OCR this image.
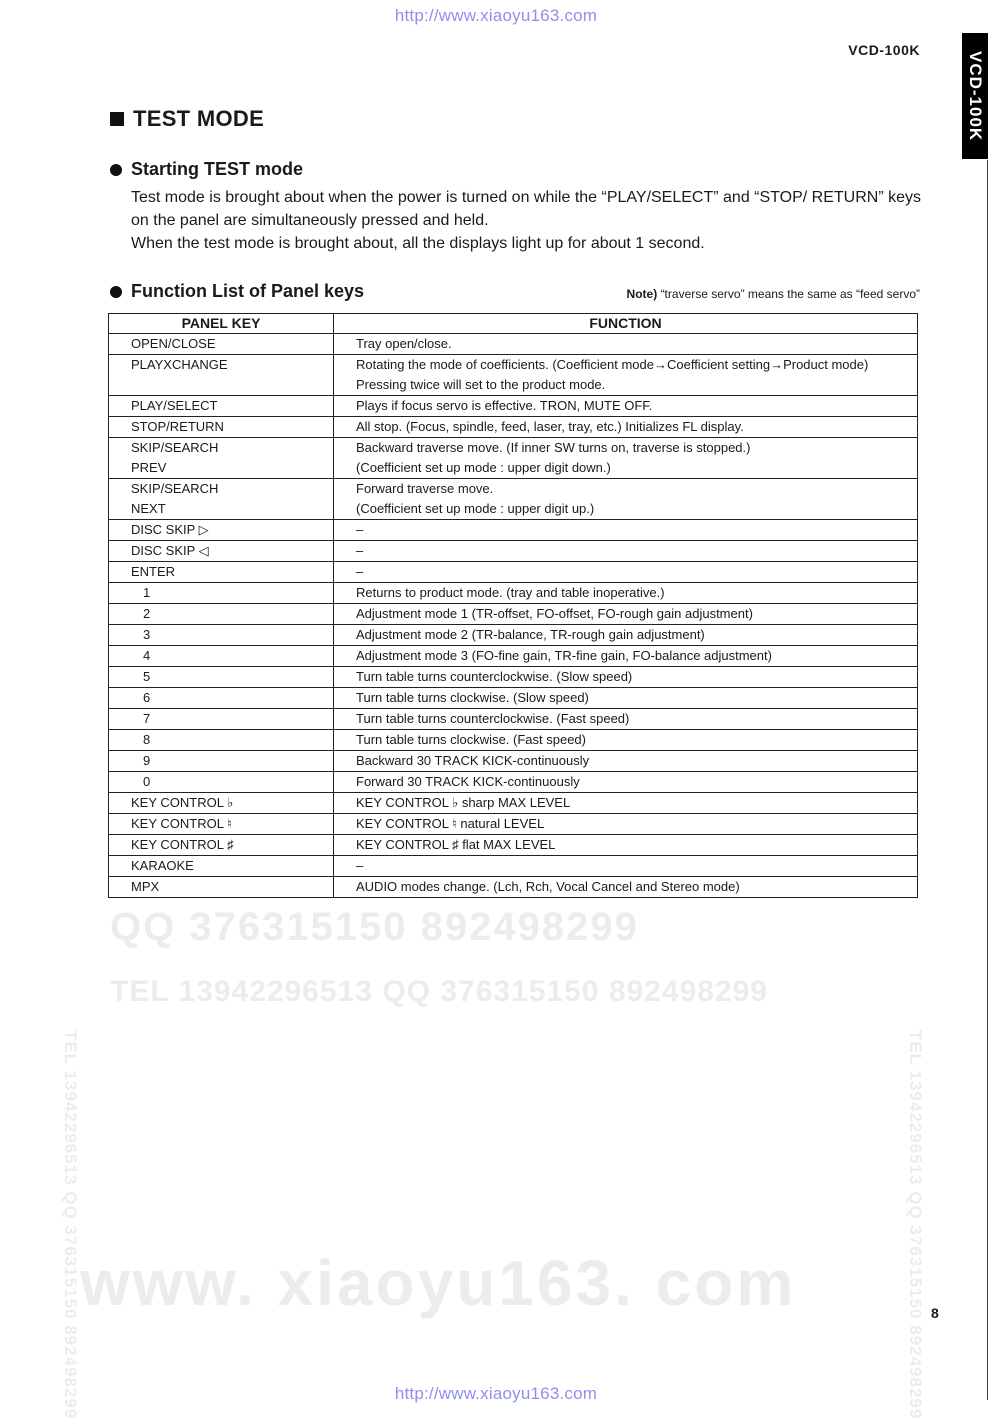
http://www.xiaoyu163.com
VCD-100K
VCD-100K
QQ 376315150 892498299
TEL 13942296513 QQ 376315150 892498299
www. xiaoyu163. com
TEL 13942296513 QQ 376315150 892498299	TEL 13942296513 QQ 376315150 892498299
TEST MODE
Starting TEST mode
Test mode is brought about when the power is turned on while the “PLAY/SELECT” and “STOP/ RETURN” keys on the panel are simultaneously pressed and held.
When the test mode is brought about, all the displays light up for about 1 second.
Function List of Panel keys	Note) “traverse servo” means the same as “feed servo”
PANEL KEY	FUNCTION

OPEN/CLOSE	Tray open/close.

PLAYXCHANGE	Rotating the mode of coefficients. (Coefficient mode→Coefficient setting→Product mode)
Pressing twice will set to the product mode.

PLAY/SELECT	Plays if focus servo is effective. TRON, MUTE OFF.

STOP/RETURN	All stop. (Focus, spindle, feed, laser, tray, etc.) Initializes FL display.

SKIP/SEARCH
PREV	Backward traverse move. (If inner SW turns on, traverse is stopped.)
(Coefficient set up mode : upper digit down.)

SKIP/SEARCH
NEXT	Forward traverse move.
(Coefficient set up mode : upper digit up.)

DISC SKIP ▷	–

DISC SKIP ◁	–

ENTER	–

1	Returns to product mode. (tray and table inoperative.)

2	Adjustment mode 1 (TR-offset, FO-offset, FO-rough gain adjustment)

3	Adjustment mode 2 (TR-balance, TR-rough gain adjustment)

4	Adjustment mode 3 (FO-fine gain, TR-fine gain, FO-balance adjustment)

5	Turn table turns counterclockwise. (Slow speed)

6	Turn table turns clockwise. (Slow speed)

7	Turn table turns counterclockwise. (Fast speed)

8	Turn table turns clockwise. (Fast speed)

9	Backward 30 TRACK KICK-continuously

0	Forward 30 TRACK KICK-continuously

KEY CONTROL ♭	KEY CONTROL ♭ sharp MAX LEVEL

KEY CONTROL ♮	KEY CONTROL ♮ natural LEVEL

KEY CONTROL ♯	KEY CONTROL ♯ flat MAX LEVEL

KARAOKE	–

MPX	AUDIO modes change. (Lch, Rch, Vocal Cancel and Stereo mode)
8
http://www.xiaoyu163.com
